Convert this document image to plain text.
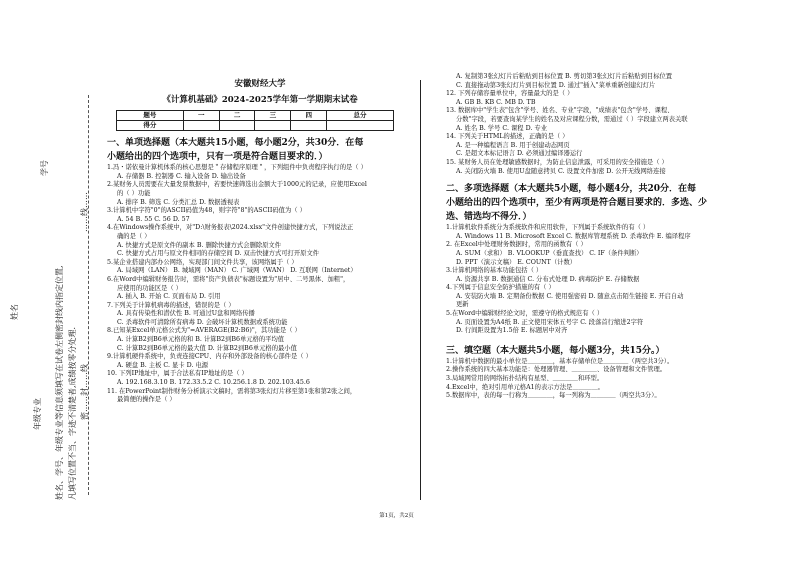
姓名
年级专业
学号
姓名、学号、年级专业等信息须填写在试卷左侧密封线内指定位置, 凡填写位置不当、字迹不清楚者,成绩按零分处理.
……线……
密……封……线
安徽财经大学
《计算机基础》2024-2025学年第一学期期末试卷
题号	一	二	三	四	总分
得分					
一、单项选择题（本大题共15小题，每小题2分，共30分．在每
小题给出的四个选项中，只有一项是符合题目要求的．）
1.冯・诺依曼计算机体系的核心思想是＂存储程序原理＂，下列组件中负责程序执行的是（ ）
A. 存储器 B. 控制器 C. 输入设备 D. 输出设备
2.某财务人员需要在大量发票数据中，若要快速筛选出金额大于1000元的记录，应使用Excel
的（ ）功能
A. 排序 B. 筛选 C. 分类汇总 D. 数据透视表
3.计算机中字符"0"的ASCII码值为48，则字符"8"的ASCII码值为（ ）
A. 54 B. 55 C. 56 D. 57
4.在Windows操作系统中，对"D:\财务报表\2024.xlsx"文件创建快捷方式，下列说法正
确的是（ ）
A. 快捷方式是原文件的副本 B. 删除快捷方式会删除原文件
C. 快捷方式占用与原文件相同的存储空间 D. 双击快捷方式可打开原文件
5.某企业搭建内部办公网络，实现部门间文件共享，该网络属于（ ）
A. 局域网（LAN） B. 城域网（MAN） C. 广域网（WAN） D. 互联网（Internet）
6.在Word中编辑财务报告时，需将"资产负债表"标题设置为"居中、二号黑体、加粗"，
应使用的功能区是（ ）
A. 插入 B. 开始 C. 页面布局 D. 引用
7.下列关于计算机病毒的描述，错误的是（ ）
A. 具有传染性和潜伏性 B. 可通过U盘和网络传播
C. 杀毒软件可清除所有病毒 D. 会破坏计算机数据或系统功能
8.已知某Excel单元格公式为"=AVERAGE(B2:B6)"，其功能是（ ）
A. 计算B2到B6单元格的和 B. 计算B2到B6单元格的平均值
C. 计算B2到B6单元格的最大值 D. 计算B2到B6单元格的最小值
9.计算机硬件系统中，负责连接CPU、内存和外部设备的核心部件是（ ）
A. 硬盘 B. 主板 C. 显卡 D. 电源
10. 下列IP地址中，属于合法私有IP地址的是（ ）
A. 192.168.3.10 B. 172.33.5.2 C. 10.256.1.8 D. 202.103.45.6
11. 在PowerPoint制作财务分析演示文稿时，需将第3张幻灯片移至第1张和第2张之间，
最简便的操作是（ ）
A. 复制第3张幻灯片后粘贴到目标位置 B. 剪切第3张幻灯片后粘贴到目标位置
C. 直接拖动第3张幻灯片到目标位置 D. 通过"插入"菜单重新创建幻灯片
12. 下列存储容量单位中，容量最大的是（ ）
A. GB B. KB C. MB D. TB
13. 数据库中"学生表"包含"学号、姓名、专业"字段，"成绩表"包含"学号、课程、
分数"字段，若要查询某学生的姓名及对应课程分数，需通过（ ）字段建立两表关联
A. 姓名 B. 学号 C. 课程 D. 专业
14. 下列关于HTML的描述，正确的是（ ）
A. 是一种编程语言 B. 用于创建动态网页
C. 是超文本标记语言 D. 必须通过编译器运行
15. 某财务人员在处理敏感数据时，为防止信息泄露，可采用的安全措施是（ ）
A. 关闭防火墙 B. 使用U盘随意拷贝 C. 设置文件加密 D. 公开无线网络连接
二、多项选择题（本大题共5小题，每小题4分，共20分．在每
小题给出的四个选项中，至少有两项是符合题目要求的．多选、少
选、错选均不得分．）
1.计算机软件系统分为系统软件和应用软件，下列属于系统软件的有（ ）
A. Windows 11 B. Microsoft Excel C. 数据库管理系统 D. 杀毒软件 E. 编译程序
2. 在Excel中处理财务数据时，常用的函数有（ ）
A. SUM（求和） B. VLOOKUP（垂直查找） C. IF（条件判断）
D. PPT（演示文稿） E. COUNT（计数）
3.计算机网络的基本功能包括（ ）
A. 资源共享 B. 数据通信 C. 分布式处理 D. 病毒防护 E. 存储数据
4.下列属于信息安全防护措施的有（ ）
A. 安装防火墙 B. 定期备份数据 C. 使用强密码 D. 随意点击陌生链接 E. 开启自动
更新
5.在Word中编辑财经论文时，需遵守的格式规范有（ ）
A. 页面设置为A4纸 B. 正文使用宋体五号字 C. 段落首行缩进2字符
D. 行间距设置为1.5倍 E. 标题居中对齐
三、填空题（本大题共5小题，每小题3分，共15分。）
1.计算机中数据的最小单位是＿＿＿＿，基本存储单位是＿＿＿＿（两空共3分）。
2.操作系统的四大基本功能是：处理器管理、＿＿＿＿、设备管理和文件管理。
3.局域网常用的网络拓扑结构有星型、＿＿＿＿和环型。
4.Excel中，绝对引用单元格A1的表示方法是＿＿＿＿。
5.数据库中，表的每一行称为＿＿＿＿，每一列称为＿＿＿＿（两空共3分）。
第1页，共2页
